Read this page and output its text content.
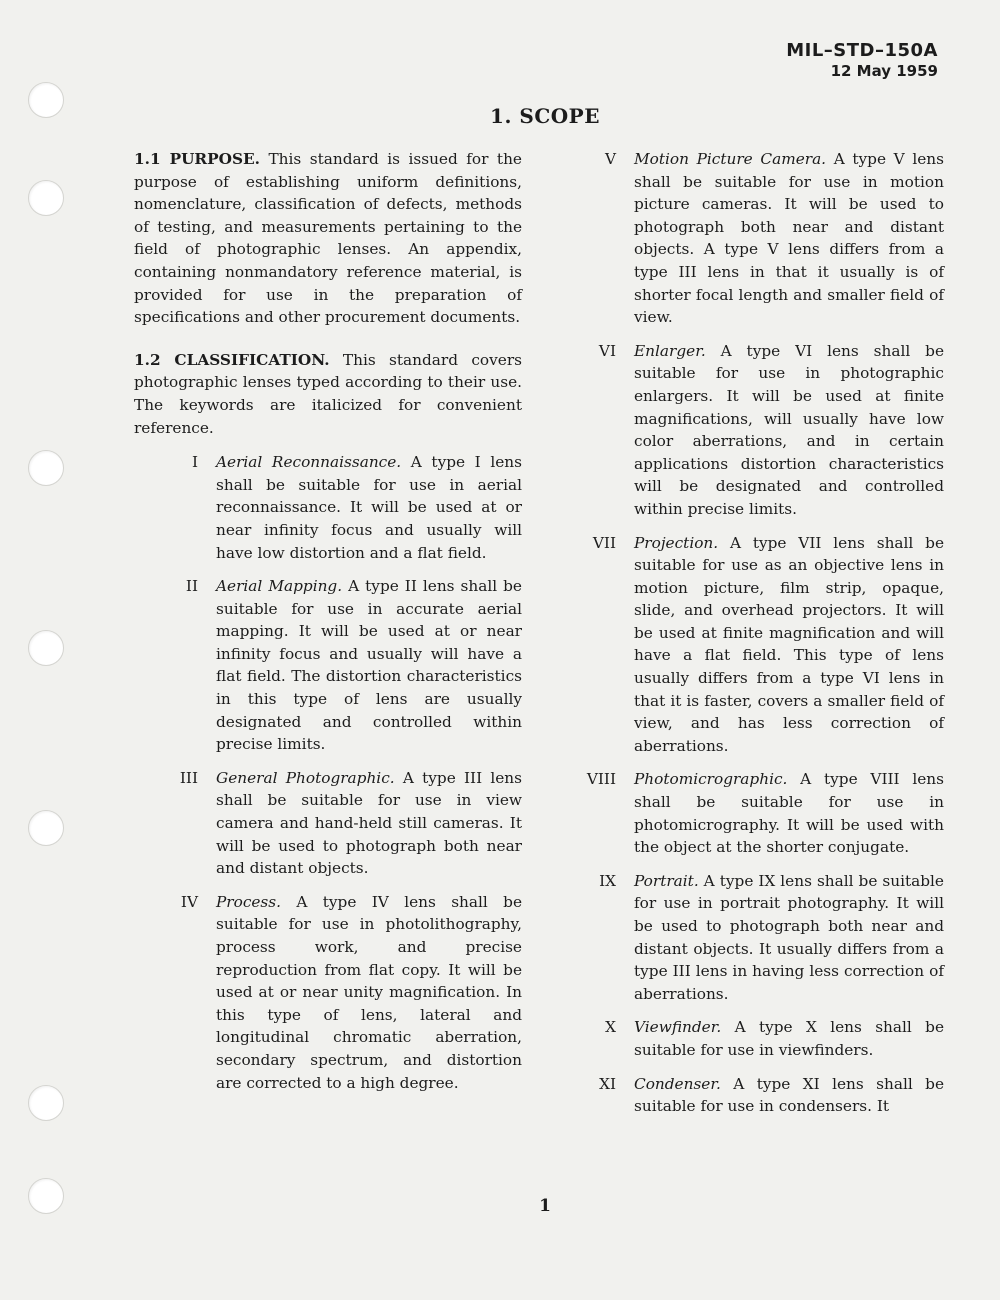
MIL–STD–150A
12 May 1959
1. SCOPE

1.1 PURPOSE. This standard is issued for the purpose of establishing uniform definitions, nomenclature, classification of defects, methods of testing, and measurements pertaining to the field of photographic lenses. An appendix, containing nonmandatory reference material, is provided for use in the preparation of specifications and other procurement documents.

1.2 CLASSIFICATION. This standard covers photographic lenses typed according to their use. The keywords are italicized for convenient reference.

I	Aerial Reconnaissance. A type I lens shall be suitable for use in aerial reconnaissance. It will be used at or near infinity focus and usually will have low distortion and a flat field.
II	Aerial Mapping. A type II lens shall be suitable for use in accurate aerial mapping. It will be used at or near infinity focus and usually will have a flat field. The distortion characteristics in this type of lens are usually designated and controlled within precise limits.
III	General Photographic. A type III lens shall be suitable for use in view camera and hand-held still cameras. It will be used to photograph both near and distant objects.
IV	Process. A type IV lens shall be suitable for use in photolithography, process work, and precise reproduction from flat copy. It will be used at or near unity magnification. In this type of lens, lateral and longitudinal chromatic aberration, secondary spectrum, and distortion are corrected to a high degree.
V	Motion Picture Camera. A type V lens shall be suitable for use in motion picture cameras. It will be used to photograph both near and distant objects. A type V lens differs from a type III lens in that it usually is of shorter focal length and smaller field of view.
VI	Enlarger. A type VI lens shall be suitable for use in photographic enlargers. It will be used at finite magnifications, will usually have low color aberrations, and in certain applications distortion characteristics will be designated and controlled within precise limits.
VII	Projection. A type VII lens shall be suitable for use as an objective lens in motion picture, film strip, opaque, slide, and overhead projectors. It will be used at finite magnification and will have a flat field. This type of lens usually differs from a type VI lens in that it is faster, covers a smaller field of view, and has less correction of aberrations.
VIII	Photomicrographic. A type VIII lens shall be suitable for use in photomicrography. It will be used with the object at the shorter conjugate.
IX	Portrait. A type IX lens shall be suitable for use in portrait photography. It will be used to photograph both near and distant objects. It usually differs from a type III lens in having less correction of aberrations.
X	Viewfinder. A type X lens shall be suitable for use in viewfinders.
XI	Condenser. A type XI lens shall be suitable for use in condensers. It
1
